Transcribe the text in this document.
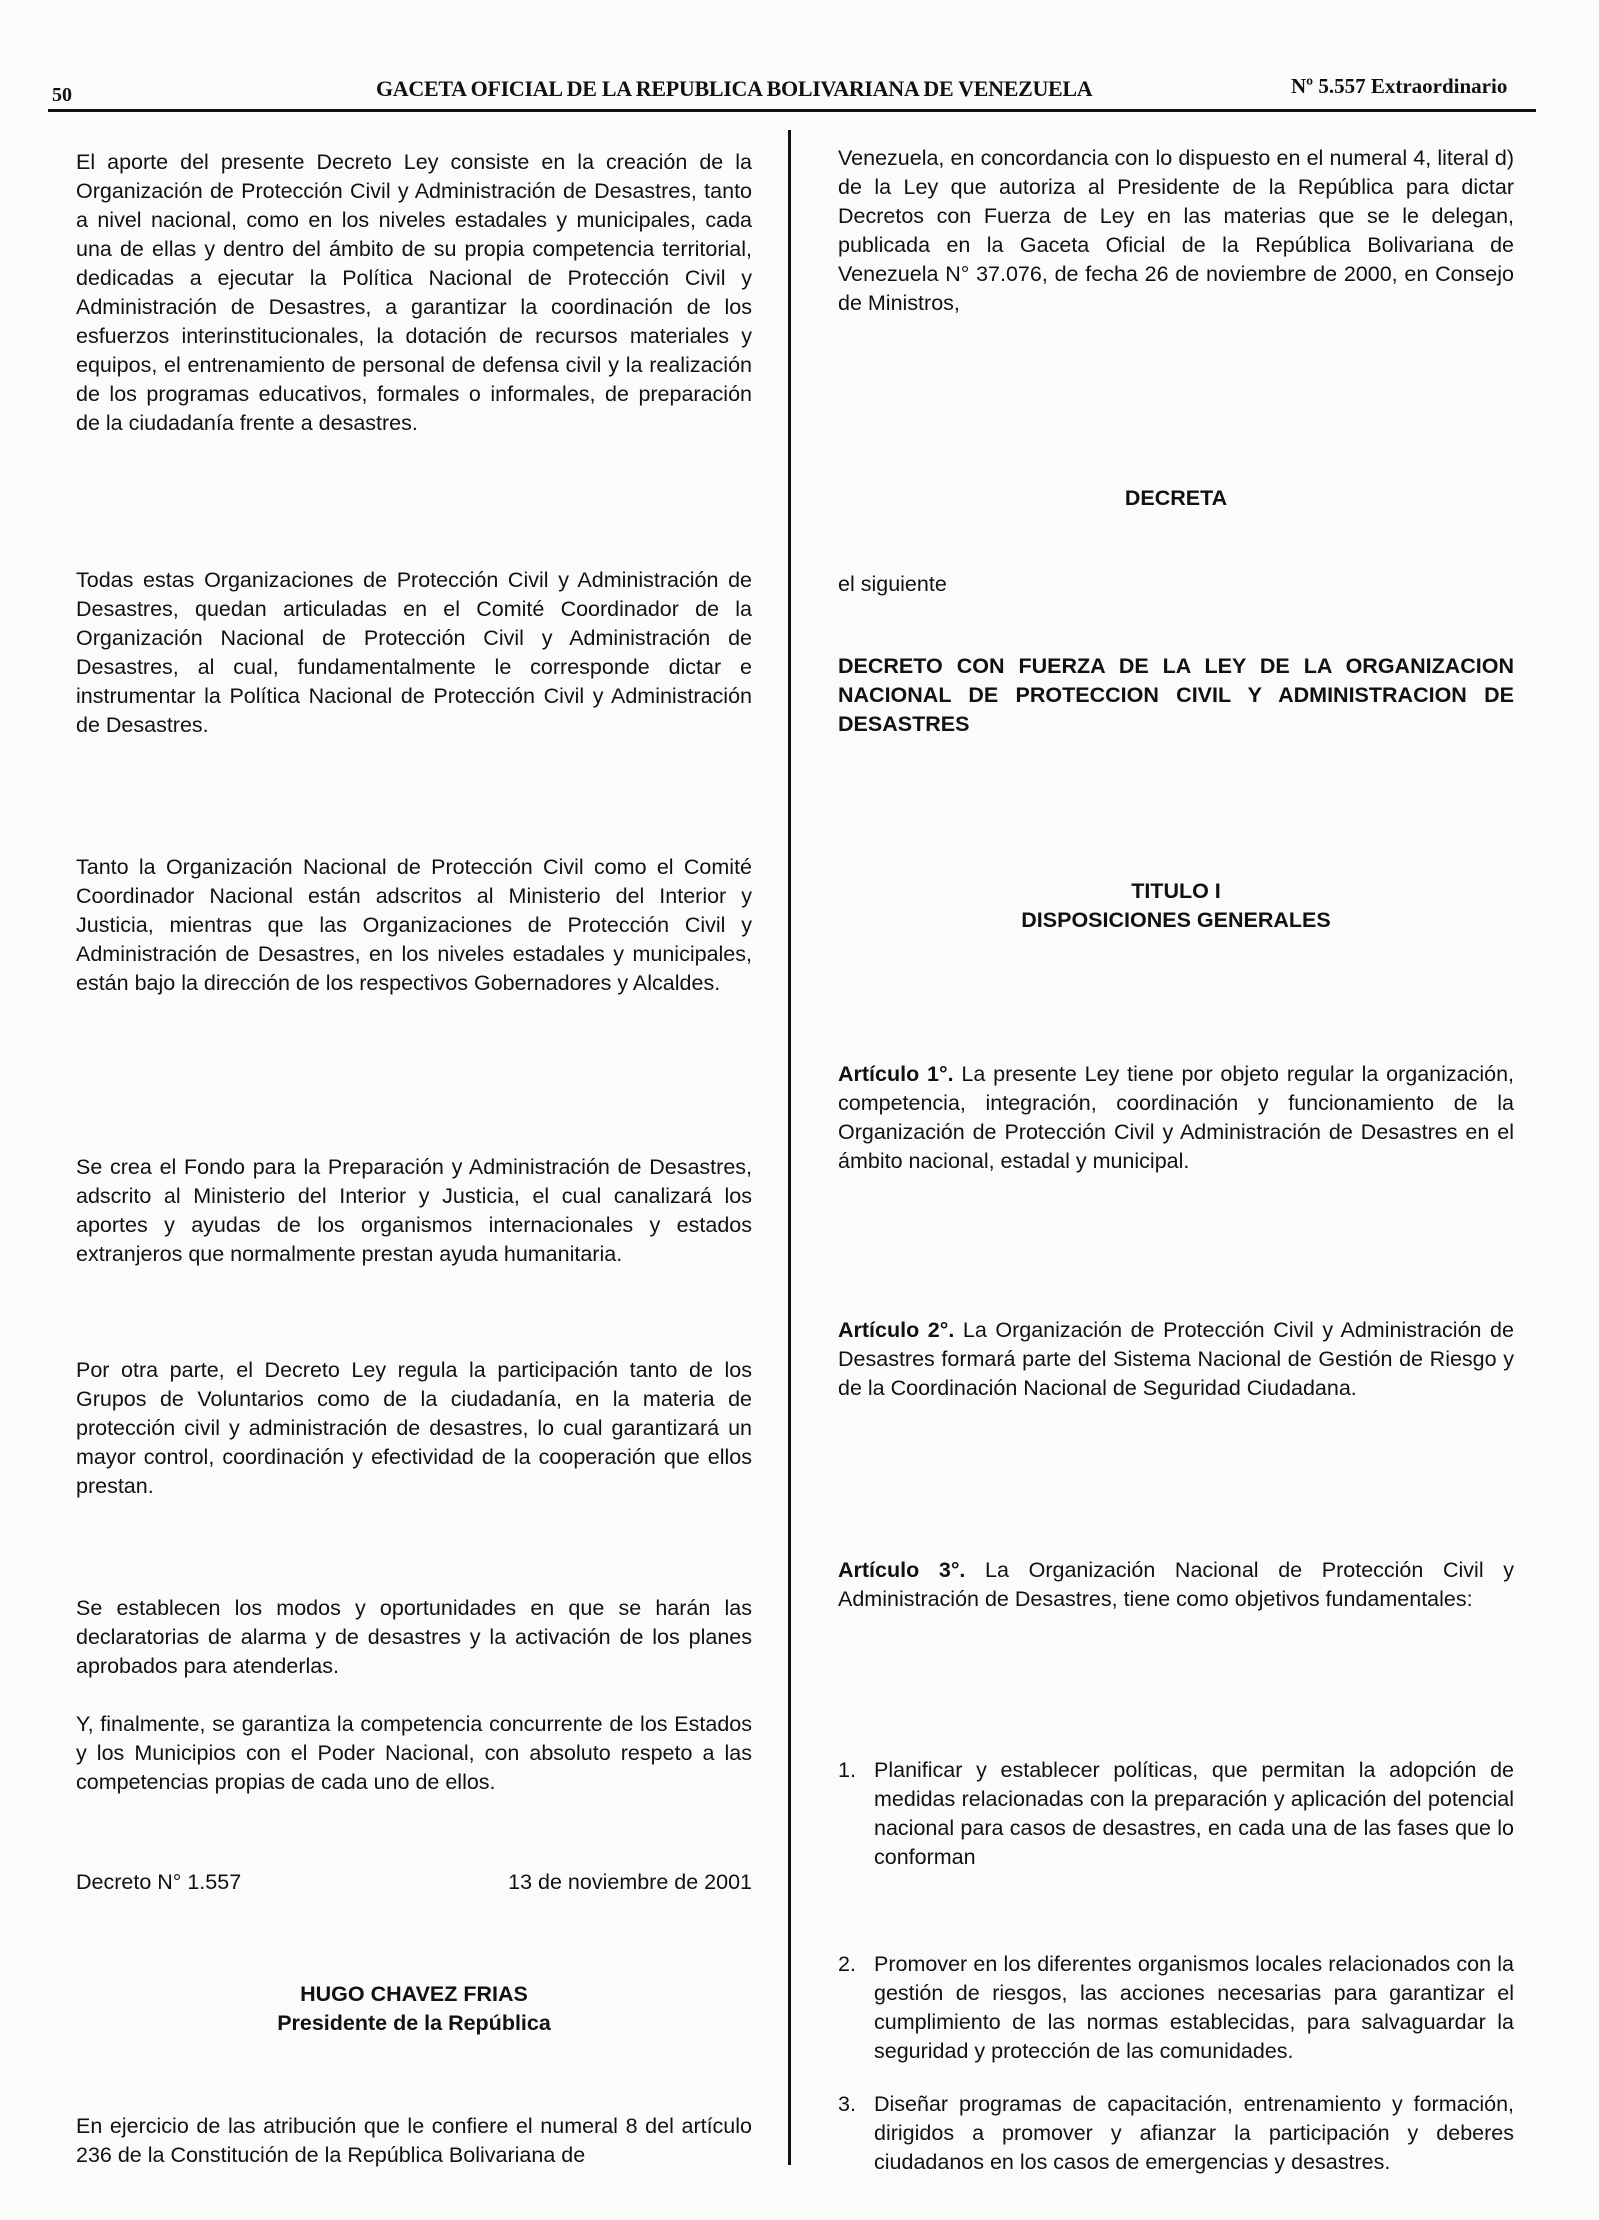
50	GACETA OFICIAL DE LA REPUBLICA BOLIVARIANA DE VENEZUELA	Nº 5.557 Extraordinario
El aporte del presente Decreto Ley consiste en la creación de la Organización de Protección Civil y Administración de Desastres, tanto a nivel nacional, como en los niveles estadales y municipales, cada una de ellas y dentro del ámbito de su propia competencia territorial, dedicadas a ejecutar la Política Nacional de Protección Civil y Administración de Desastres, a garantizar la coordinación de los esfuerzos interinstitucionales, la dotación de recursos materiales y equipos, el entrenamiento de personal de defensa civil y la realización de los programas educativos, formales o informales, de preparación de la ciudadanía frente a desastres.
Todas estas Organizaciones de Protección Civil y Administración de Desastres, quedan articuladas en el Comité Coordinador de la Organización Nacional de Protección Civil y Administración de Desastres, al cual, fundamentalmente le corresponde dictar e instrumentar la Política Nacional de Protección Civil y Administración de Desastres.
Tanto la Organización Nacional de Protección Civil como el Comité Coordinador Nacional están adscritos al Ministerio del Interior y Justicia, mientras que las Organizaciones de Protección Civil y Administración de Desastres, en los niveles estadales y municipales, están bajo la dirección de los respectivos Gobernadores y Alcaldes.
Se crea el Fondo para la Preparación y Administración de Desastres, adscrito al Ministerio del Interior y Justicia, el cual canalizará los aportes y ayudas de los organismos internacionales y estados extranjeros que normalmente prestan ayuda humanitaria.
Por otra parte, el Decreto Ley regula la participación tanto de los Grupos de Voluntarios como de la ciudadanía, en la materia de protección civil y administración de desastres, lo cual garantizará un mayor control, coordinación y efectividad de la cooperación que ellos prestan.
Se establecen los modos y oportunidades en que se harán las declaratorias de alarma y de desastres y la activación de los planes aprobados para atenderlas.
Y, finalmente, se garantiza la competencia concurrente de los Estados y los Municipios con el Poder Nacional, con absoluto respeto a las competencias propias de cada uno de ellos.
Decreto N° 1.557	13 de noviembre de 2001
HUGO CHAVEZ FRIAS
Presidente de la República
En ejercicio de las atribución que le confiere el numeral 8 del artículo 236 de la Constitución de la República Bolivariana de
Venezuela, en concordancia con lo dispuesto en el numeral 4, literal d) de la Ley que autoriza al Presidente de la República para dictar Decretos con Fuerza de Ley en las materias que se le delegan, publicada en la Gaceta Oficial de la República Bolivariana de Venezuela N° 37.076, de fecha 26 de noviembre de 2000, en Consejo de Ministros,
DECRETA
el siguiente
DECRETO CON FUERZA DE LA LEY DE LA ORGANIZACION NACIONAL DE PROTECCION CIVIL Y ADMINISTRACION DE DESASTRES
TITULO I
DISPOSICIONES GENERALES
Artículo 1°. La presente Ley tiene por objeto regular la organización, competencia, integración, coordinación y funcionamiento de la Organización de Protección Civil y Administración de Desastres en el ámbito nacional, estadal y municipal.
Artículo 2°. La Organización de Protección Civil y Administración de Desastres formará parte del Sistema Nacional de Gestión de Riesgo y de la Coordinación Nacional de Seguridad Ciudadana.
Artículo 3°. La Organización Nacional de Protección Civil y Administración de Desastres, tiene como objetivos fundamentales:
1. Planificar y establecer políticas, que permitan la adopción de medidas relacionadas con la preparación y aplicación del potencial nacional para casos de desastres, en cada una de las fases que lo conforman
2. Promover en los diferentes organismos locales relacionados con la gestión de riesgos, las acciones necesarias para garantizar el cumplimiento de las normas establecidas, para salvaguardar la seguridad y protección de las comunidades.
3. Diseñar programas de capacitación, entrenamiento y formación, dirigidos a promover y afianzar la participación y deberes ciudadanos en los casos de emergencias y desastres.
